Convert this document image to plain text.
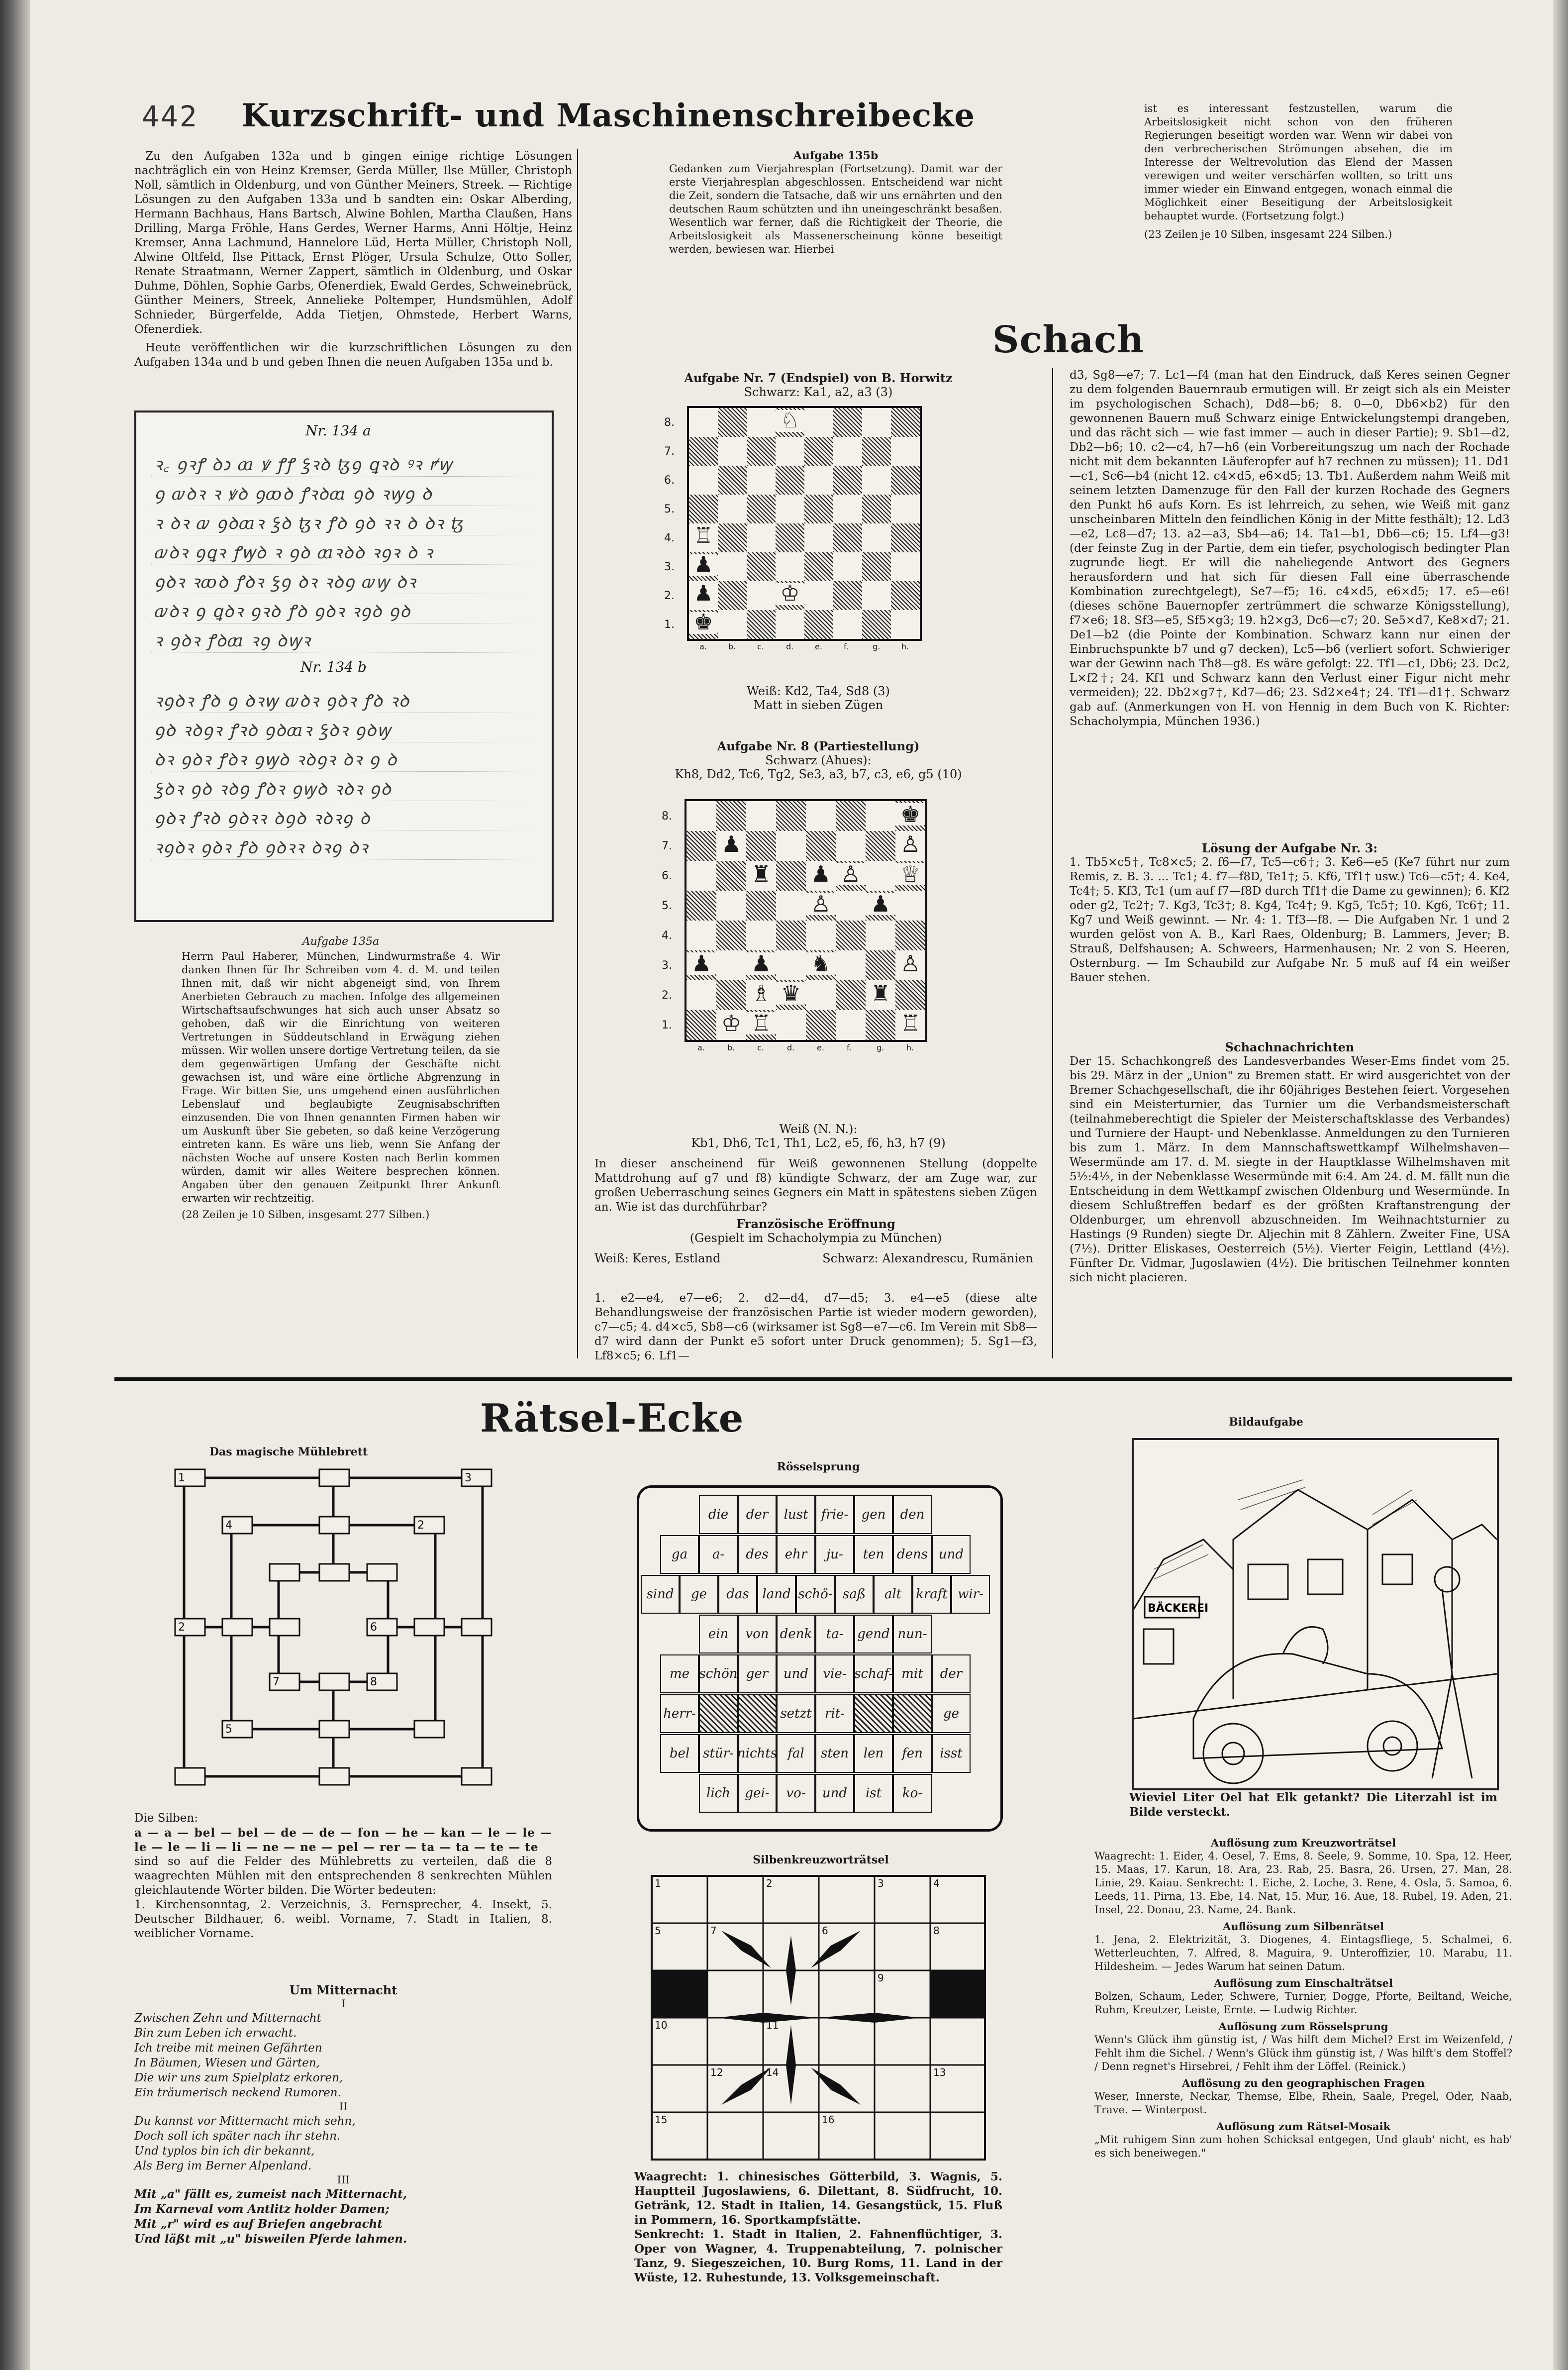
442 Kurzschrift- und Maschinenschreibecke

Zu den Aufgaben 132a und b gingen einige richtige Lösungen nachträglich ein von Heinz Kremser, Gerda Müller, Ilse Müller, Christoph Noll, sämtlich in Oldenburg, und von Günther Meiners, Streek. — Richtige Lösungen zu den Aufgaben 133a und b sandten ein: Oskar Alberding, Hermann Bachhaus, Hans Bartsch, Alwine Bohlen, Martha Claußen, Hans Drilling, Marga Fröhle, Hans Gerdes, Werner Harms, Anni Höltje, Heinz Kremser, Anna Lachmund, Hannelore Lüd, Herta Müller, Christoph Noll, Alwine Oltfeld, Ilse Pittack, Ernst Plöger, Ursula Schulze, Otto Soller, Renate Straatmann, Werner Zappert, sämtlich in Oldenburg, und Oskar Duhme, Döhlen, Sophie Garbs, Ofenerdiek, Ewald Gerdes, Schweinebrück, Günther Meiners, Streek, Annelieke Poltemper, Hundsmühlen, Adolf Schnieder, Bürgerfelde, Adda Tietjen, Ohmstede, Herbert Warns, Ofenerdiek.

Heute veröffentlichen wir die kurzschriftlichen Lösungen zu den Aufgaben 134a und b und geben Ihnen die neuen Aufgaben 135a und b.

Nr. 134 a
ꝛ꜀ ꝯꝛꝭ ꝺ𐑮 ꜳ ꝟ ꝭꝭ ꝣꝛꝺ ꜩꝯ ꝗꝛꝺ ꝰꝛ ꝵꝡ
ꝯ ꜹꝺꝛ ꝛ ꝟꝺ ꝯꜵꝺ ꝭꝛꝺꜳ ꝯꝺ ꝛꝡꝯ ꝺ
ꝛ ꝺꝛ ꜹ ꝯꝺꜳꝛ ꝣꝺ ꜩꝛ ꝭꝺ ꝯꝺ ꝛꝛ ꝺ ꝺꝛ ꜩ
ꜹꝺꝛ ꝯꝗꝛ ꝭꝡꝺ ꝛ ꝯꝺ ꜳꝛꝺꝺ ꝛꝯꝛ ꝺ ꝛ
ꝯꝺꝛ ꝛꜵꝺ ꝭꝺꝛ ꝣꝯ ꝺꝛ ꝛꝺꝯ ꜹꝡ ꝺꝛ
ꜹꝺꝛ ꝯ ꝗꝺꝛ ꝯꝛꝺ ꝭꝺ ꝯꝺꝛ ꝛꝯꝺ ꝯꝺ
ꝛ ꝯꝺꝛ ꝭꝺꜳ ꝛꝯ ꝺꝡꝛ
Nr. 134 b
ꝛꝯꝺꝛ ꝭꝺ ꝯ ꝺꝛꝡ ꜹꝺꝛ ꝯꝺꝛ ꝭꝺ ꝛꝺ
ꝯꝺ ꝛꝺꝯꝛ ꝭꝛꝺ ꝯꝺꜳꝛ ꝣꝺꝛ ꝯꝺꝡ
ꝺꝛ ꝯꝺꝛ ꝭꝺꝛ ꝯꝡꝺ ꝛꝺꝯꝛ ꝺꝛ ꝯ ꝺ
ꝣꝺꝛ ꝯꝺ ꝛꝺꝯ ꝭꝺꝛ ꝯꝡꝺ ꝛꝺꝛ ꝯꝺ
ꝯꝺꝛ ꝭꝛꝺ ꝯꝺꝛꝛ ꝺꝯꝺ ꝛꝺꝛꝯ ꝺ
ꝛꝯꝺꝛ ꝯꝺꝛ ꝭꝺ ꝯꝺꝛꝛ ꝺꝛꝯ ꝺꝛ
Aufgabe 135a
Herrn Paul Haberer, München, Lindwurmstraße 4. Wir danken Ihnen für Ihr Schreiben vom 4. d. M. und teilen Ihnen mit, daß wir nicht abgeneigt sind, von Ihrem Anerbieten Gebrauch zu machen. Infolge des allgemeinen Wirtschaftsaufschwunges hat sich auch unser Absatz so gehoben, daß wir die Einrichtung von weiteren Vertretungen in Süddeutschland in Erwägung ziehen müssen. Wir wollen unsere dortige Vertretung teilen, da sie dem gegenwärtigen Umfang der Geschäfte nicht gewachsen ist, und wäre eine örtliche Abgrenzung in Frage. Wir bitten Sie, uns umgehend einen ausführlichen Lebenslauf und beglaubigte Zeugnisabschriften einzusenden. Die von Ihnen genannten Firmen haben wir um Auskunft über Sie gebeten, so daß keine Verzögerung eintreten kann. Es wäre uns lieb, wenn Sie Anfang der nächsten Woche auf unsere Kosten nach Berlin kommen würden, damit wir alles Weitere besprechen können. Angaben über den genauen Zeitpunkt Ihrer Ankunft erwarten wir rechtzeitig.
(28 Zeilen je 10 Silben, insgesamt 277 Silben.)
Aufgabe 135b
Gedanken zum Vierjahresplan (Fortsetzung). Damit war der erste Vierjahresplan abgeschlossen. Entscheidend war nicht die Zeit, sondern die Tatsache, daß wir uns ernährten und den deutschen Raum schützten und ihn uneingeschränkt besaßen. Wesentlich war ferner, daß die Richtigkeit der Theorie, die Arbeitslosigkeit als Massenerscheinung könne beseitigt werden, bewiesen war. Hierbei
ist es interessant festzustellen, warum die Arbeitslosigkeit nicht schon von den früheren Regierungen beseitigt worden war. Wenn wir dabei von den verbrecherischen Strömungen absehen, die im Interesse der Weltrevolution das Elend der Massen verewigen und weiter verschärfen wollten, so tritt uns immer wieder ein Einwand entgegen, wonach einmal die Möglichkeit einer Beseitigung der Arbeitslosigkeit behauptet wurde. (Fortsetzung folgt.)
(23 Zeilen je 10 Silben, insgesamt 224 Silben.)
Schach
Aufgabe Nr. 7 (Endspiel) von B. Horwitz
Schwarz: Ka1, a2, a3 (3)
8.
7.
6.
5.
4.
3.
2.
1.
a.	b.	c.	d.	e.	f.	g.	h.
♚
♟
♟
♔
♖
♘
Weiß: Kd2, Ta4, Sd8 (3)
Matt in sieben Zügen
Aufgabe Nr. 8 (Partiestellung)
Schwarz (Ahues):
Kh8, Dd2, Tc6, Tg2, Se3, a3, b7, c3, e6, g5 (10)
8.
7.
6.
5.
4.
3.
2.
1.
a.	b.	c.	d.	e.	f.	g.	h.
♚
♛
♜
♜
♞
♟
♟
♟
♟
♟
♔
♕
♖	♖
♗
♙
♙
♙
♙
Weiß (N. N.):
Kb1, Dh6, Tc1, Th1, Lc2, e5, f6, h3, h7 (9)
In dieser anscheinend für Weiß gewonnenen Stellung (doppelte Mattdrohung auf g7 und f8) kündigte Schwarz, der am Zuge war, zur großen Ueberraschung seines Gegners ein Matt in spätestens sieben Zügen an. Wie ist das durchführbar?
Französische Eröffnung
(Gespielt im Schacholympia zu München)
Weiß: Keres, Estland	Schwarz: Alexandrescu, Rumänien
1. e2—e4, e7—e6; 2. d2—d4, d7—d5; 3. e4—e5 (diese alte Behandlungsweise der französischen Partie ist wieder modern geworden), c7—c5; 4. d4×c5, Sb8—c6 (wirksamer ist Sg8—e7—c6. Im Verein mit Sb8—d7 wird dann der Punkt e5 sofort unter Druck genommen); 5. Sg1—f3, Lf8×c5; 6. Lf1—
d3, Sg8—e7; 7. Lc1—f4 (man hat den Eindruck, daß Keres seinen Gegner zu dem folgenden Bauernraub ermutigen will. Er zeigt sich als ein Meister im psychologischen Schach), Dd8—b6; 8. 0—0, Db6×b2) für den gewonnenen Bauern muß Schwarz einige Entwickelungstempi drangeben, und das rächt sich — wie fast immer — auch in dieser Partie); 9. Sb1—d2, Db2—b6; 10. c2—c4, h7—h6 (ein Vorbereitungszug um nach der Rochade nicht mit dem bekannten Läuferopfer auf h7 rechnen zu müssen); 11. Dd1—c1, Sc6—b4 (nicht 12. c4×d5, e6×d5; 13. Tb1. Außerdem nahm Weiß mit seinem letzten Damenzuge für den Fall der kurzen Rochade des Gegners den Punkt h6 aufs Korn. Es ist lehrreich, zu sehen, wie Weiß mit ganz unscheinbaren Mitteln den feindlichen König in der Mitte festhält); 12. Ld3—e2, Lc8—d7; 13. a2—a3, Sb4—a6; 14. Ta1—b1, Db6—c6; 15. Lf4—g3! (der feinste Zug in der Partie, dem ein tiefer, psychologisch bedingter Plan zugrunde liegt. Er will die naheliegende Antwort des Gegners herausfordern und hat sich für diesen Fall eine überraschende Kombination zurechtgelegt), Se7—f5; 16. c4×d5, e6×d5; 17. e5—e6! (dieses schöne Bauernopfer zertrümmert die schwarze Königsstellung), f7×e6; 18. Sf3—e5, Sf5×g3; 19. h2×g3, Dc6—c7; 20. Se5×d7, Ke8×d7; 21. De1—b2 (die Pointe der Kombination. Schwarz kann nur einen der Einbruchspunkte b7 und g7 decken), Lc5—b6 (verliert sofort. Schwieriger war der Gewinn nach Th8—g8. Es wäre gefolgt: 22. Tf1—c1, Db6; 23. Dc2, L×f2†; 24. Kf1 und Schwarz kann den Verlust einer Figur nicht mehr vermeiden); 22. Db2×g7†, Kd7—d6; 23. Sd2×e4†; 24. Tf1—d1†. Schwarz gab auf. (Anmerkungen von H. von Hennig in dem Buch von K. Richter: Schacholympia, München 1936.)
Lösung der Aufgabe Nr. 3:
1. Tb5×c5†, Tc8×c5; 2. f6—f7, Tc5—c6†; 3. Ke6—e5 (Ke7 führt nur zum Remis, z. B. 3. ... Tc1; 4. f7—f8D, Te1†; 5. Kf6, Tf1† usw.) Tc6—c5†; 4. Ke4, Tc4†; 5. Kf3, Tc1 (um auf f7—f8D durch Tf1† die Dame zu gewinnen); 6. Kf2 oder g2, Tc2†; 7. Kg3, Tc3†; 8. Kg4, Tc4†; 9. Kg5, Tc5†; 10. Kg6, Tc6†; 11. Kg7 und Weiß gewinnt. — Nr. 4: 1. Tf3—f8. — Die Aufgaben Nr. 1 und 2 wurden gelöst von A. B., Karl Raes, Oldenburg; B. Lammers, Jever; B. Strauß, Delfshausen; A. Schweers, Harmenhausen; Nr. 2 von S. Heeren, Osternburg. — Im Schaubild zur Aufgabe Nr. 5 muß auf f4 ein weißer Bauer stehen.
Schachnachrichten
Der 15. Schachkongreß des Landesverbandes Weser-Ems findet vom 25. bis 29. März in der „Union" zu Bremen statt. Er wird ausgerichtet von der Bremer Schachgesellschaft, die ihr 60jähriges Bestehen feiert. Vorgesehen sind ein Meisterturnier, das Turnier um die Verbandsmeisterschaft (teilnahmeberechtigt die Spieler der Meisterschaftsklasse des Verbandes) und Turniere der Haupt- und Nebenklasse. Anmeldungen zu den Turnieren bis zum 1. März. In dem Mannschaftswettkampf Wilhelmshaven—Wesermünde am 17. d. M. siegte in der Hauptklasse Wilhelmshaven mit 5½:4½, in der Nebenklasse Wesermünde mit 6:4. Am 24. d. M. fällt nun die Entscheidung in dem Wettkampf zwischen Oldenburg und Wesermünde. In diesem Schlußtreffen bedarf es der größten Kraftanstrengung der Oldenburger, um ehrenvoll abzuschneiden. Im Weihnachtsturnier zu Hastings (9 Runden) siegte Dr. Aljechin mit 8 Zählern. Zweiter Fine, USA (7½). Dritter Eliskases, Oesterreich (5½). Vierter Feigin, Lettland (4½). Fünfter Dr. Vidmar, Jugoslawien (4½). Die britischen Teilnehmer konnten sich nicht placieren.
Rätsel-Ecke
Das magische Mühlebrett
1	3
4	2
2	6
7	8
5

Die Silben:

a — a — bel — bel — de — de — fon — he — kan — le — le — le — le — li — li — ne — ne — pel — rer — ta — ta — te — te

sind so auf die Felder des Mühlebretts zu verteilen, daß die 8 waagrechten Mühlen mit den entsprechenden 8 senkrechten Mühlen gleichlautende Wörter bilden. Die Wörter bedeuten:

1. Kirchensonntag, 2. Verzeichnis, 3. Fernsprecher, 4. Insekt, 5. Deutscher Bildhauer, 6. weibl. Vorname, 7. Stadt in Italien, 8. weiblicher Vorname.

Um Mitternacht
I
Zwischen Zehn und Mitternacht
Bin zum Leben ich erwacht.
Ich treibe mit meinen Gefährten
In Bäumen, Wiesen und Gärten,
Die wir uns zum Spielplatz erkoren,
Ein träumerisch neckend Rumoren.
II
Du kannst vor Mitternacht mich sehn,
Doch soll ich später nach ihr stehn.
Und typlos bin ich dir bekannt,
Als Berg im Berner Alpenland.
III
Mit „a" fällt es, zumeist nach Mitternacht,
Im Karneval vom Antlitz holder Damen;
Mit „r" wird es auf Briefen angebracht
Und läßt mit „u" bisweilen Pferde lahmen.
Rösselsprung
die	der	lust	frie-	gen	den
ga	a-	des	ehr	ju-	ten dens und
sind	ge	das	land schö- saß	alt	kraft wir-
ein	von denk	ta-	gend nun-
me schön ger	und	vie- schaf- mit	der
herr-	setzt	rit-	ge
bel	stür- nichts fal	sten	len	fen	isst
lich	gei-	vo-	und	ist	ko-
Silbenkreuzworträtsel
1	2	3	4
5	6
7	8
9
10	11
12	13
14
15	16

Waagrecht: 1. chinesisches Götterbild, 3. Wagnis, 5. Hauptteil Jugoslawiens, 6. Dilettant, 8. Südfrucht, 10. Getränk, 12. Stadt in Italien, 14. Gesangstück, 15. Fluß in Pommern, 16. Sportkampfstätte.

Senkrecht: 1. Stadt in Italien, 2. Fahnenflüchtiger, 3. Oper von Wagner, 4. Truppenabteilung, 7. polnischer Tanz, 9. Siegeszeichen, 10. Burg Roms, 11. Land in der Wüste, 12. Ruhestunde, 13. Volksgemeinschaft.

Bildaufgabe
BÄCKEREI
Wieviel Liter Oel hat Elk getankt? Die Literzahl ist im Bilde versteckt.
Auflösung zum Kreuzworträtsel
Waagrecht: 1. Eider, 4. Oesel, 7. Ems, 8. Seele, 9. Somme, 10. Spa, 12. Heer, 15. Maas, 17. Karun, 18. Ara, 23. Rab, 25. Basra, 26. Ursen, 27. Man, 28. Linie, 29. Kaiau. Senkrecht: 1. Eiche, 2. Loche, 3. Rene, 4. Osla, 5. Samoa, 6. Leeds, 11. Pirna, 13. Ebe, 14. Nat, 15. Mur, 16. Aue, 18. Rubel, 19. Aden, 21. Insel, 22. Donau, 23. Name, 24. Bank.
Auflösung zum Silbenrätsel
1. Jena, 2. Elektrizität, 3. Diogenes, 4. Eintagsfliege, 5. Schalmei, 6. Wetterleuchten, 7. Alfred, 8. Maguira, 9. Unteroffizier, 10. Marabu, 11. Hildesheim. — Jedes Warum hat seinen Datum.
Auflösung zum Einschalträtsel
Bolzen, Schaum, Leder, Schwere, Turnier, Dogge, Pforte, Beiltand, Weiche, Ruhm, Kreutzer, Leiste, Ernte. — Ludwig Richter.
Auflösung zum Rösselsprung
Wenn's Glück ihm günstig ist, / Was hilft dem Michel? Erst im Weizenfeld, / Fehlt ihm die Sichel. / Wenn's Glück ihm günstig ist, / Was hilft's dem Stoffel? / Denn regnet's Hirsebrei, / Fehlt ihm der Löffel. (Reinick.)
Auflösung zu den geographischen Fragen
Weser, Innerste, Neckar, Themse, Elbe, Rhein, Saale, Pregel, Oder, Naab, Trave. — Winterpost.
Auflösung zum Rätsel-Mosaik
„Mit ruhigem Sinn zum hohen Schicksal entgegen, Und glaub' nicht, es hab' es sich beneiwegen."
